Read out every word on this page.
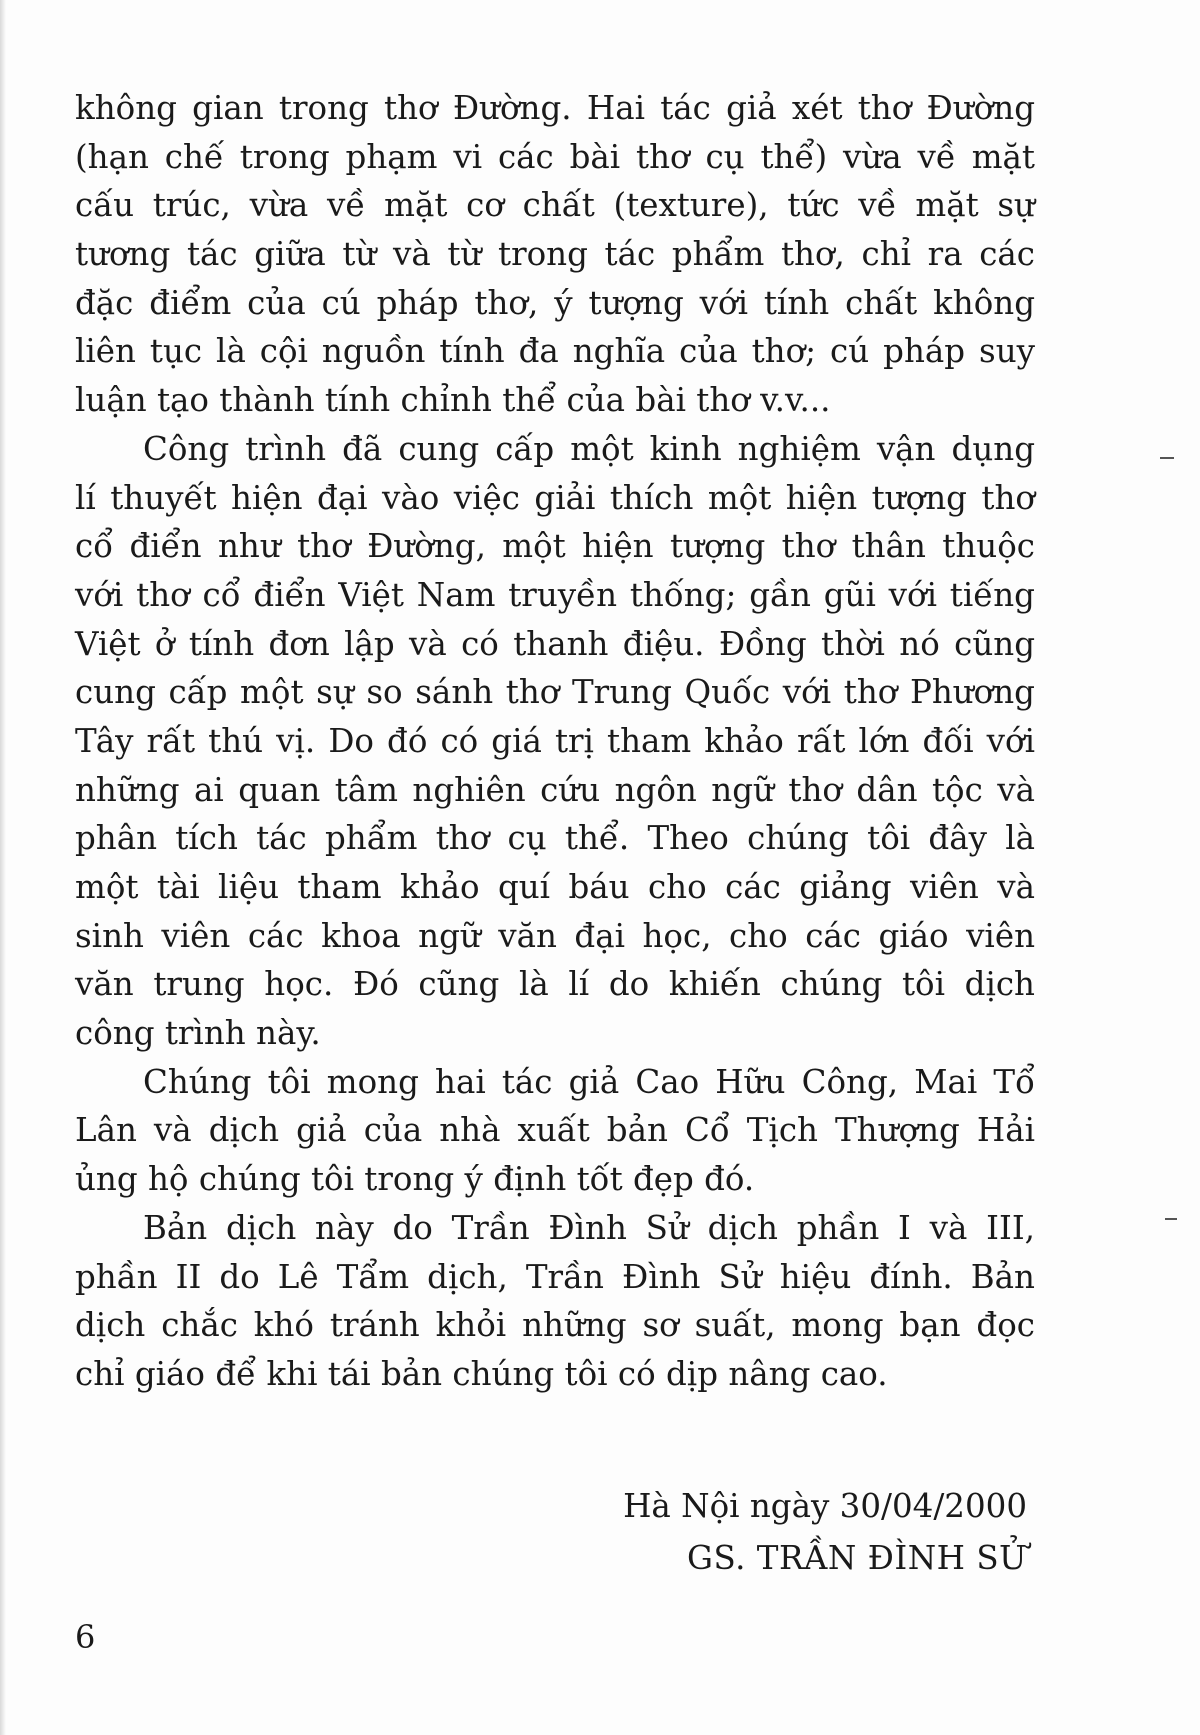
không gian trong thơ Đường. Hai tác giả xét thơ Đường
(hạn chế trong phạm vi các bài thơ cụ thể) vừa về mặt
cấu trúc, vừa về mặt cơ chất (texture), tức về mặt sự
tương tác giữa từ và từ trong tác phẩm thơ, chỉ ra các
đặc điểm của cú pháp thơ, ý tượng với tính chất không
liên tục là cội nguồn tính đa nghĩa của thơ; cú pháp suy
luận tạo thành tính chỉnh thể của bài thơ v.v...
Công trình đã cung cấp một kinh nghiệm vận dụng
lí thuyết hiện đại vào việc giải thích một hiện tượng thơ
cổ điển như thơ Đường, một hiện tượng thơ thân thuộc
với thơ cổ điển Việt Nam truyền thống; gần gũi với tiếng
Việt ở tính đơn lập và có thanh điệu. Đồng thời nó cũng
cung cấp một sự so sánh thơ Trung Quốc với thơ Phương
Tây rất thú vị. Do đó có giá trị tham khảo rất lớn đối với
những ai quan tâm nghiên cứu ngôn ngữ thơ dân tộc và
phân tích tác phẩm thơ cụ thể. Theo chúng tôi đây là
một tài liệu tham khảo quí báu cho các giảng viên và
sinh viên các khoa ngữ văn đại học, cho các giáo viên
văn trung học. Đó cũng là lí do khiến chúng tôi dịch
công trình này.
Chúng tôi mong hai tác giả Cao Hữu Công, Mai Tổ
Lân và dịch giả của nhà xuất bản Cổ Tịch Thượng Hải
ủng hộ chúng tôi trong ý định tốt đẹp đó.
Bản dịch này do Trần Đình Sử dịch phần I và III,
phần II do Lê Tẩm dịch, Trần Đình Sử hiệu đính. Bản
dịch chắc khó tránh khỏi những sơ suất, mong bạn đọc
chỉ giáo để khi tái bản chúng tôi có dịp nâng cao.
Hà Nội ngày 30/04/2000
GS. TRẦN ĐÌNH SỬ
6
